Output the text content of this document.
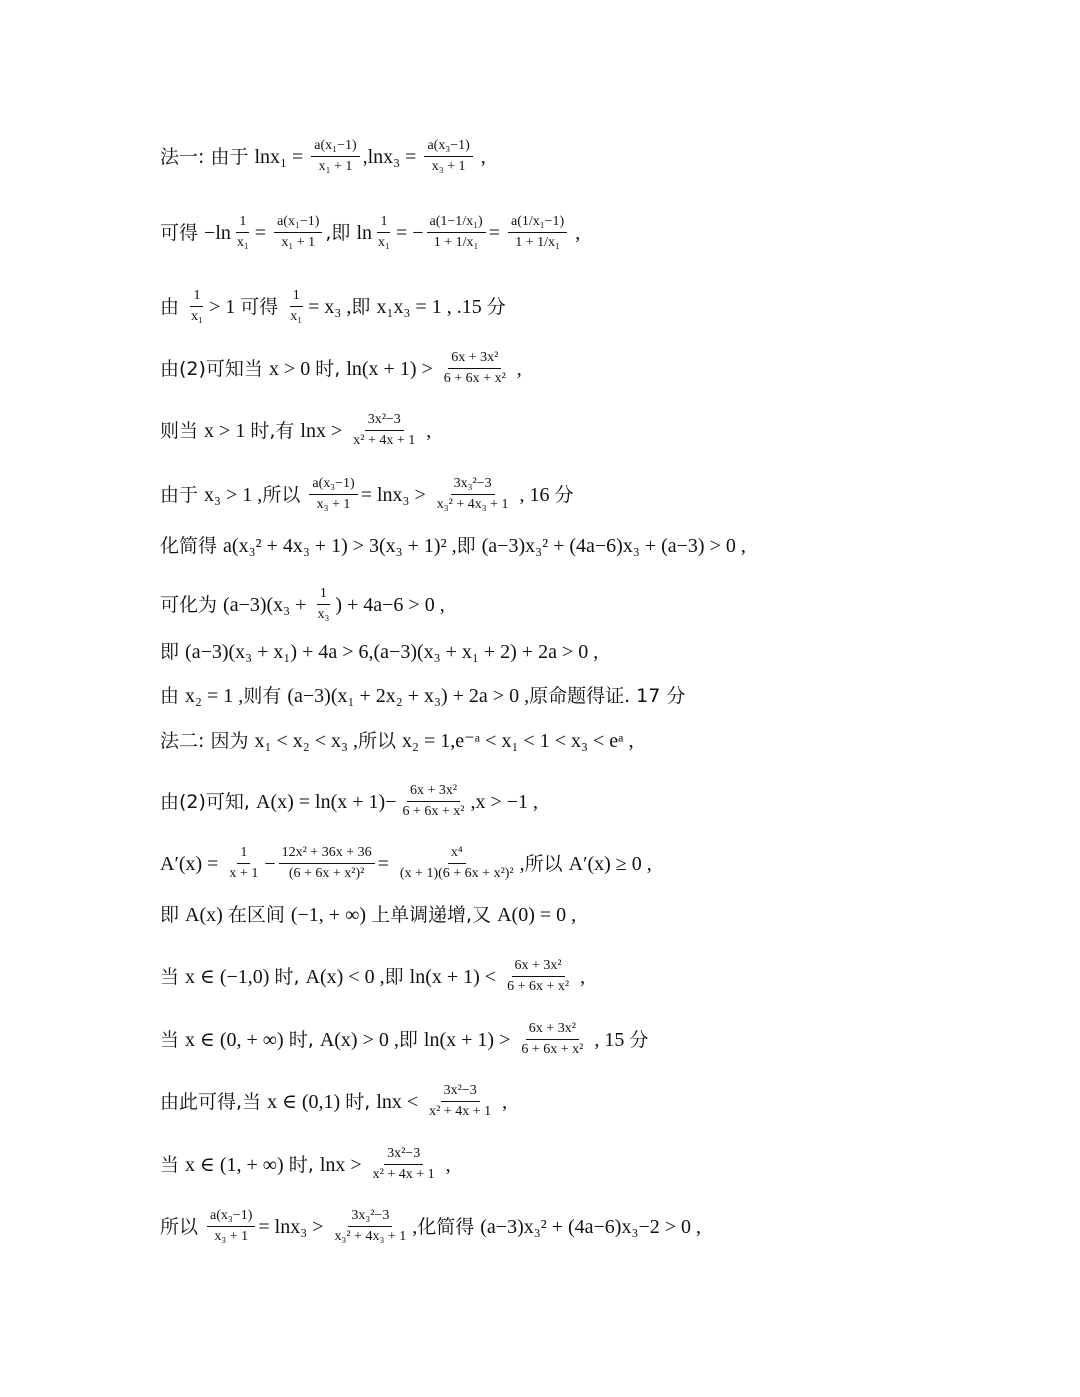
法一: 由于 $\ln x_1 = \frac{\text{a(x₁−1)}}{\text{x₁ + 1}} ,\ln x_3 = \frac{\text{a(x₃−1)}}{\text{x₃ + 1}}$ ,
可得 $-\ln \frac{1}{\text{x₁}} = \frac{\text{a(x₁−1)}}{\text{x₁ + 1}}$ ,即 $\ln \frac{1}{\text{x₁}}$ = − $\frac{\text{a(1−1/x₁)}}{\text{1 + 1/x₁}} = \frac{\text{a(1/x₁−1)}}{\text{1 + 1/x₁}}$ ,
由 $\frac{1}{\text{x₁}} > 1$ 可得 $\frac{1}{\text{x₁}} = x_3$ , 即 x₁x₃ = 1 , .15 分
由(2)可知当 x > 0 时, $\ln(x + 1) > \frac{\text{6x + 3x²}}{\text{6 + 6x + x²}}$ ,
则当 x > 1 时,有 $\ln x > \frac{\text{3x²−3}}{\text{x² + 4x + 1}}$ ,
由于 x₃ > 1 , 所以 $\frac{\text{a(x₃−1)}}{\text{x₃ + 1}} = \ln x_3 > \frac{\text{3x₃²−3}}{\text{x₃² + 4x₃ + 1}}$ , 16 分
化简得 a(x₃² + 4x₃ + 1) > 3(x₃ + 1)² , 即 (a−3)x₃² + (4a−6)x₃ + (a−3) > 0 ,
可化为 $(a-3)(x_3 + \frac{1}{\text{x₃}}$ ) + 4a−6 > 0 ,
即 (a−3)(x₃ + x₁) + 4a > 6,(a−3)(x₃ + x₁ + 2) + 2a > 0 ,
由 x₂ = 1 , 则有 (a−3)(x₁ + 2x₂ + x₃) + 2a > 0 , 原命题得证. 17 分
法二: 因为 x₁ < x₂ < x₃ , 所以 x₂ = 1,e⁻ᵃ < x₁ < 1 < x₃ < eᵃ ,
由(2)可知, $A(x) = \ln(x + 1)- \frac{\text{6x + 3x²}}{\text{6 + 6x + x²}} ,x > -1$ ,
$A'(x) = \frac{1}{x + 1} - \frac{\text{12x² + 36x + 36}}{\text{(6 + 6x + x²)²}} = \frac{\text{x⁴}}{\text{(x + 1)(6 + 6x + x²)²}}$ , 所以 A′(x) ≥ 0 ,
即 A(x) 在区间 (−1, + ∞) 上单调递增,又 A(0) = 0 ,
当 x ∈ (−1,0) 时, A(x) < 0 , 即 $\ln(x + 1) < \frac{\text{6x + 3x²}}{\text{6 + 6x + x²}}$ ,
当 x ∈ (0, + ∞) 时, A(x) > 0 , 即 $\ln(x + 1) > \frac{\text{6x + 3x²}}{\text{6 + 6x + x²}}$ , 15 分
由此可得,当 x ∈ (0,1) 时, $\ln x < \frac{\text{3x²−3}}{\text{x² + 4x + 1}}$ ,
当 x ∈ (1, + ∞) 时, $\ln x > \frac{\text{3x²−3}}{\text{x² + 4x + 1}}$ ,
所以 $\frac{\text{a(x₃−1)}}{\text{x₃ + 1}} = \ln x_3 > \frac{\text{3x₃²−3}}{\text{x₃² + 4x₃ + 1}}$ , 化简得 (a−3)x₃² + (4a−6)x₃−2 > 0 ,
